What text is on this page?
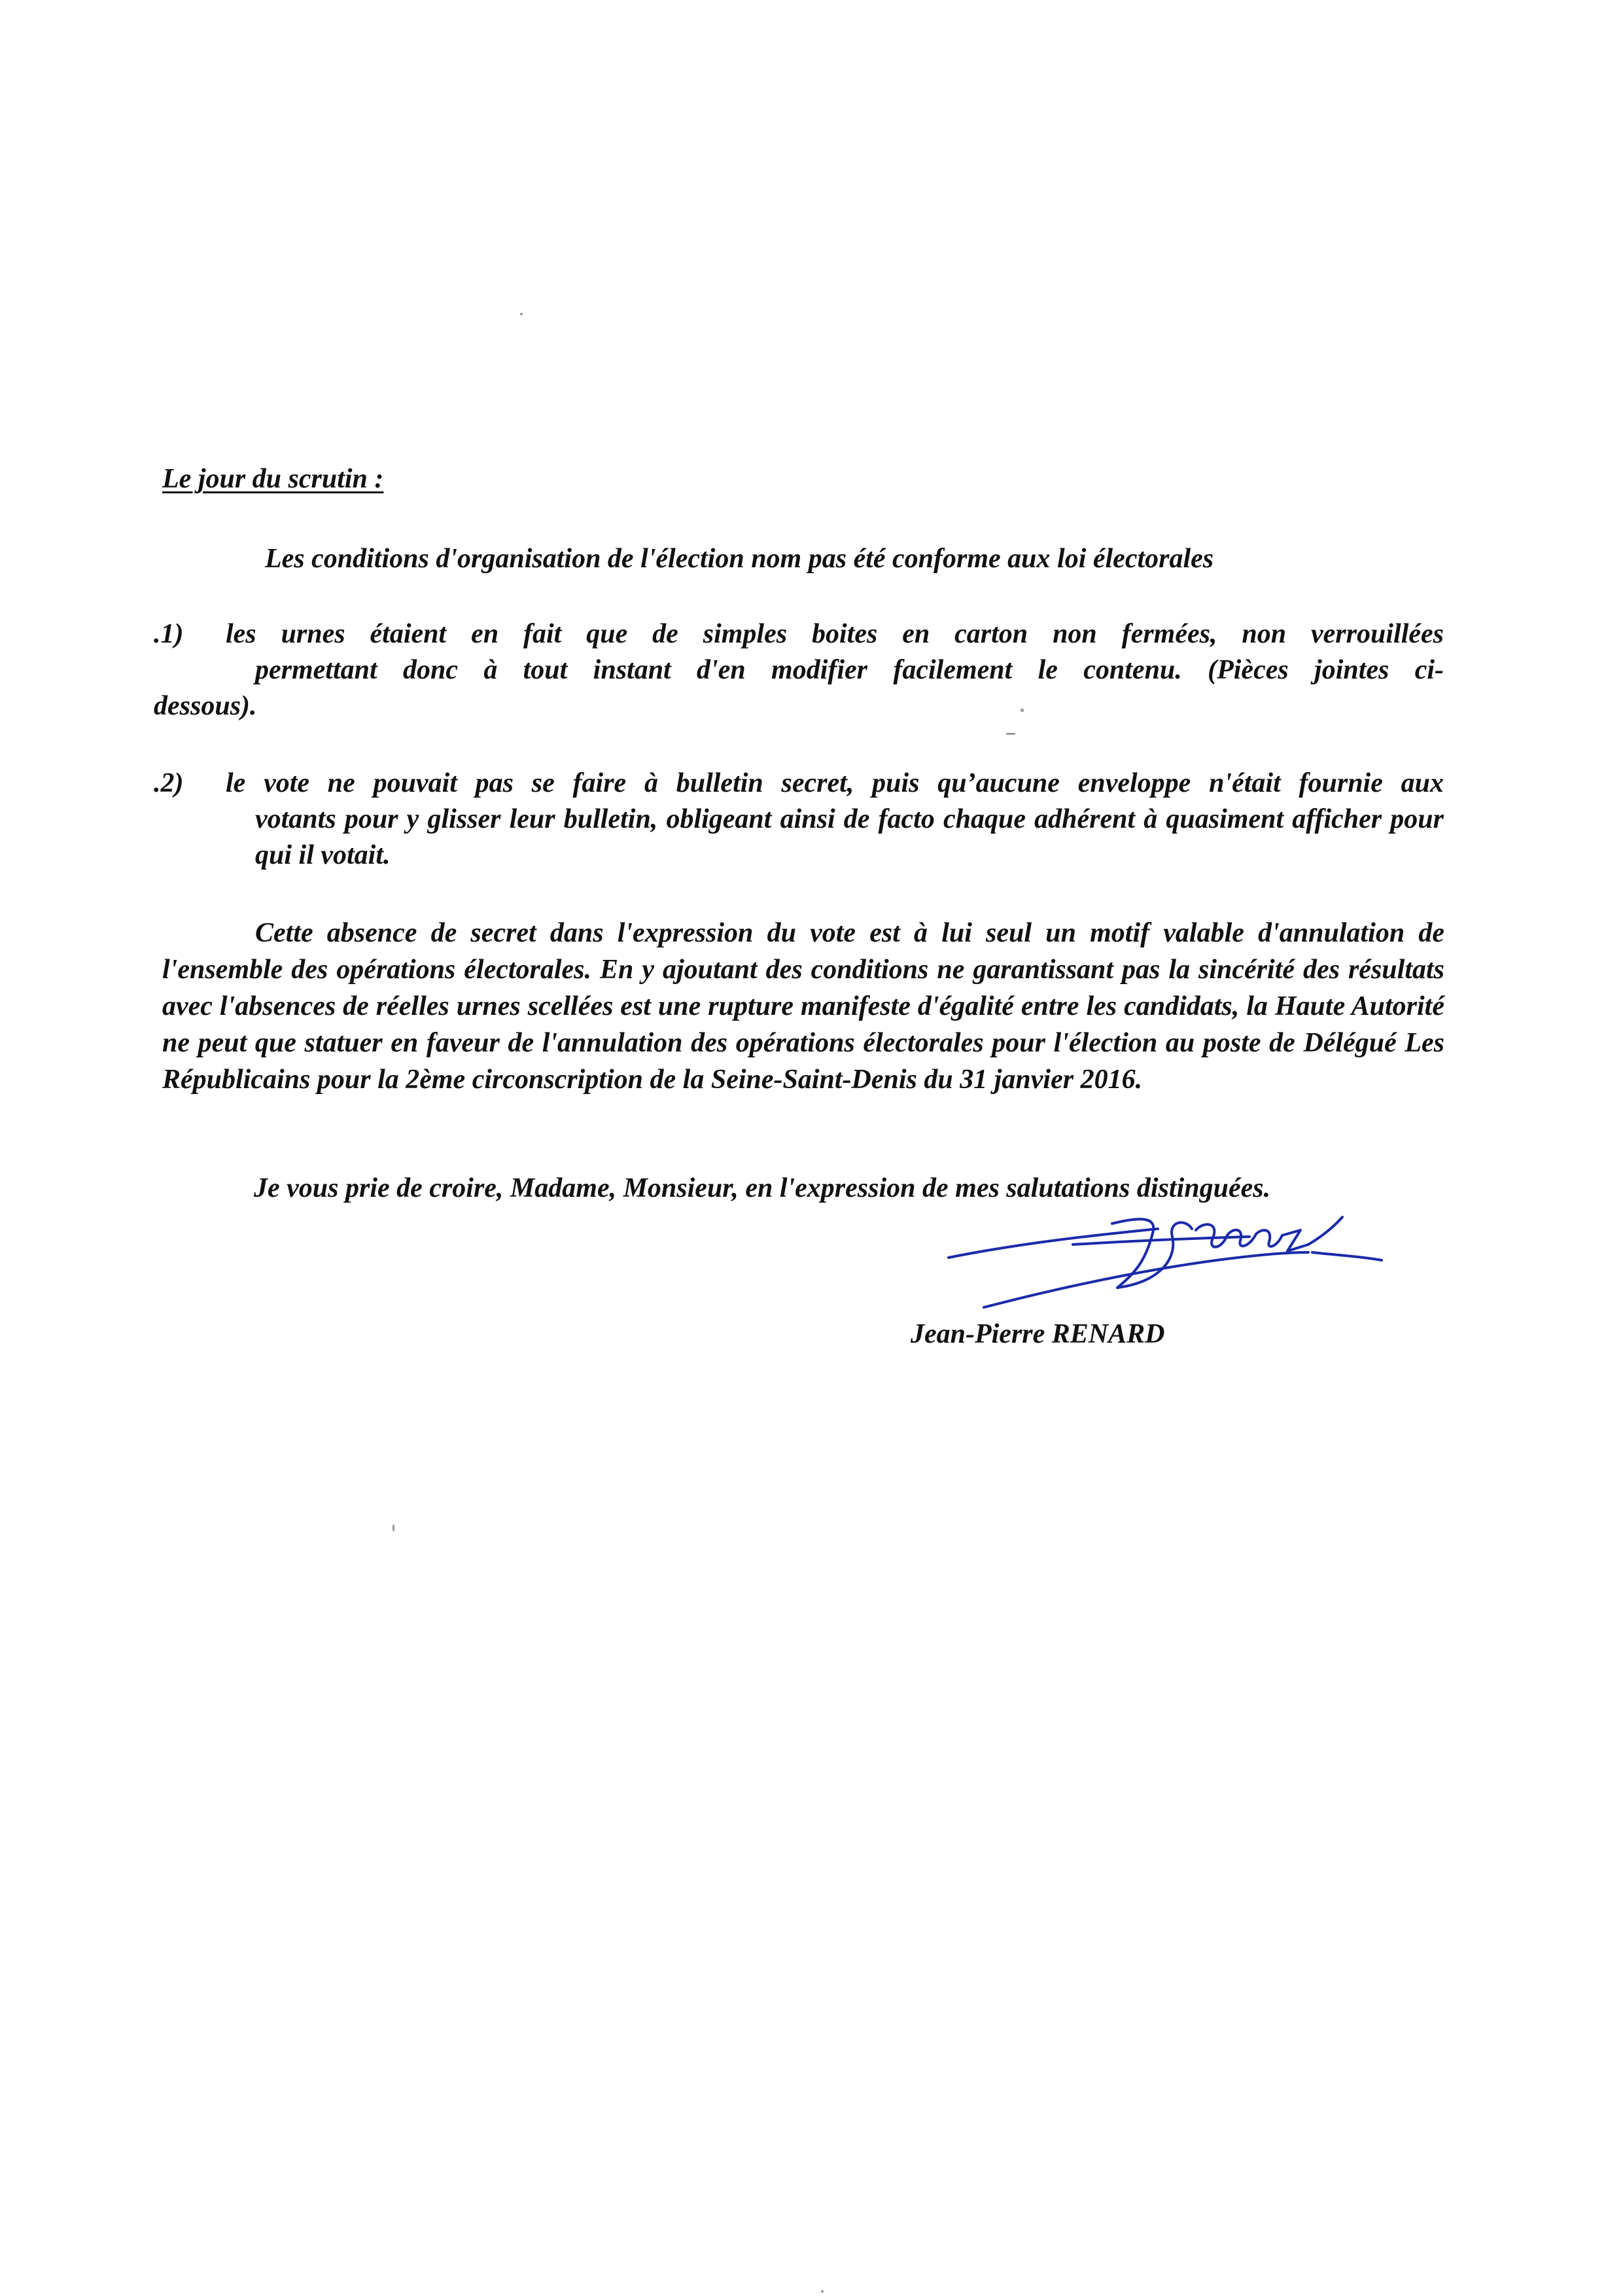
Le jour du scrutin :
Les conditions d'organisation de l'élection nom pas été conforme aux loi électorales
.1)	les urnes étaient en fait que de simples boites en carton non fermées, non verrouillées
permettant donc à tout instant d'en modifier facilement le contenu. (Pièces jointes ci-
dessous).
.2)	le vote ne pouvait pas se faire à bulletin secret, puis qu’aucune enveloppe n'était fournie aux
votants pour y glisser leur bulletin, obligeant ainsi de facto chaque adhérent à quasiment afficher pour qui il votait.
Cette absence de secret dans l'expression du vote est à lui seul un motif valable d'annulation de l'ensemble des opérations électorales. En y ajoutant des conditions ne garantissant pas la sincérité des résultats avec l'absences de réelles urnes scellées est une rupture manifeste d'égalité entre les candidats, la Haute Autorité ne peut que statuer en faveur de l'annulation des opérations électorales pour l'élection au poste de Délégué Les Républicains pour la 2ème circonscription de la Seine-Saint-Denis du 31 janvier 2016.
Je vous prie de croire, Madame, Monsieur, en l'expression de mes salutations distinguées.
Jean-Pierre RENARD
